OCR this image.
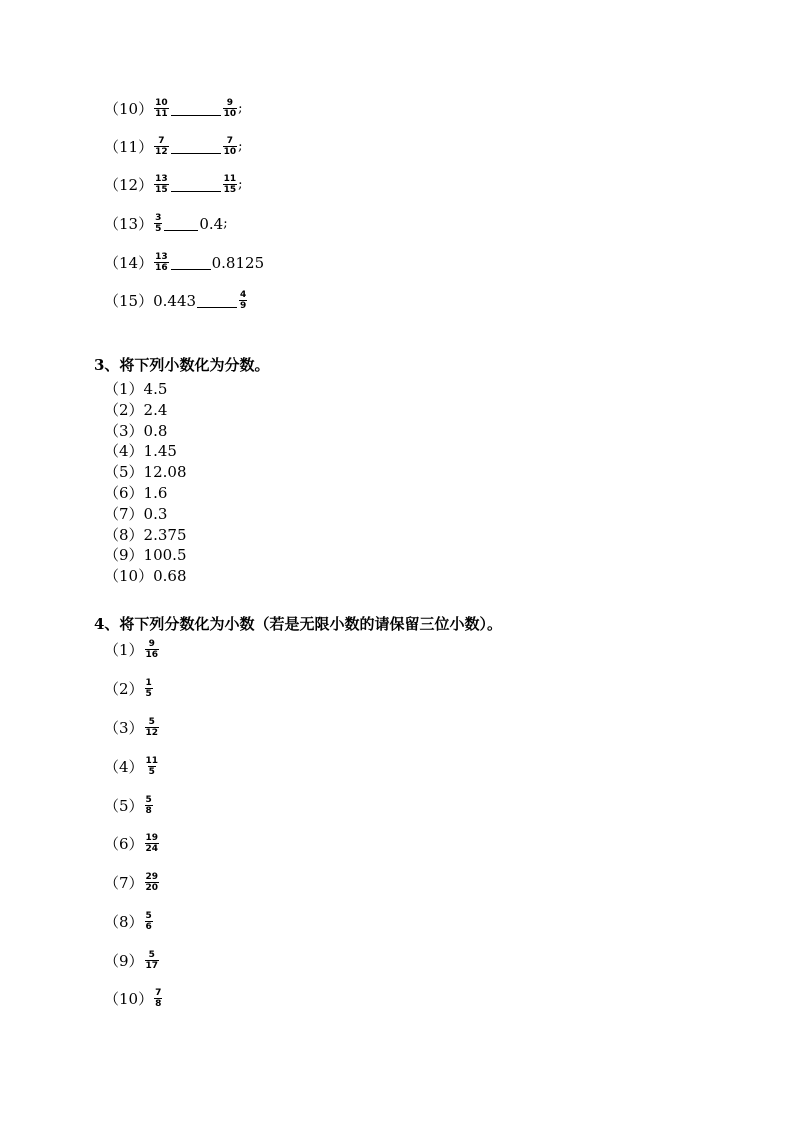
$(10) \frac{10}{11}$	$\frac{9}{10}$ ;
$(11) \frac{7}{12}$	$\frac{7}{10}$ ;
$(12) \frac{13}{15}$	$\frac{11}{15}$ ;
$(13) \frac{3}{5} 0.4$ ;
$(14) \frac{13}{16}$	0.8125
（15） 0.443	$\frac{4}{9}$
3、将下列小数化为分数。
（1）4.5
（2）2.4
（3）0.8
（4）1.45
（5）12.08
（6）1.6
（7）0.3
（8）2.375
（9）100.5
（10）0.68
4、将下列分数化为小数（若是无限小数的请保留三位小数）。
$(1) \frac{9}{16}$
$(2) \frac{1}{5}$
$(3) \frac{5}{12}$
$(4) \frac{11}{5}$
$(5) \frac{5}{8}$
$(6) \frac{19}{24}$
$(7) \frac{29}{20}$
$(8) \frac{5}{6}$
$(9) \frac{5}{17}$
$(10) \frac{7}{8}$
